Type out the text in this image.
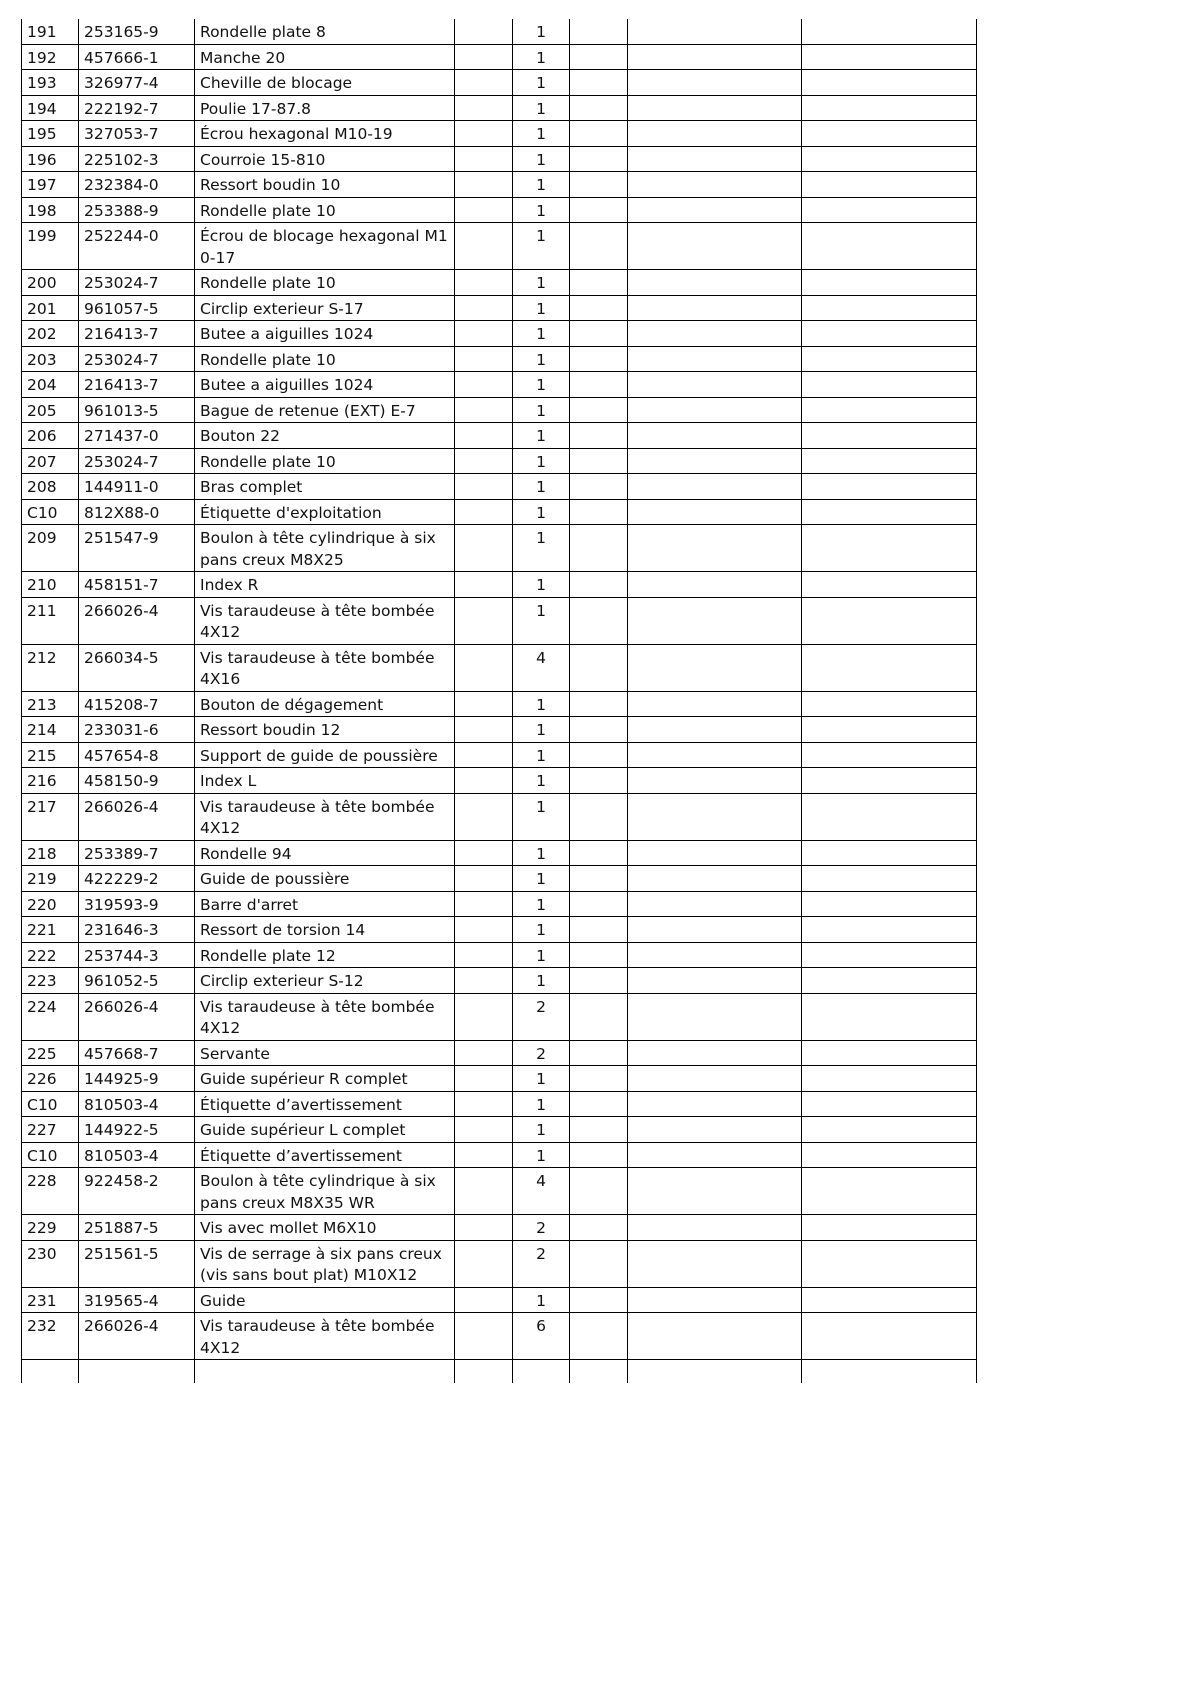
191	253165-9	Rondelle plate 8		1			
192	457666-1	Manche 20		1			
193	326977-4	Cheville de blocage		1			
194	222192-7	Poulie 17-87.8		1			
195	327053-7	Écrou hexagonal M10-19		1			
196	225102-3	Courroie 15-810		1			
197	232384-0	Ressort boudin 10		1			
198	253388-9	Rondelle plate 10		1			
199	252244-0	Écrou de blocage hexagonal M10-17		1			
200	253024-7	Rondelle plate 10		1			
201	961057-5	Circlip exterieur S-17		1			
202	216413-7	Butee a aiguilles 1024		1			
203	253024-7	Rondelle plate 10		1			
204	216413-7	Butee a aiguilles 1024		1			
205	961013-5	Bague de retenue (EXT) E-7		1			
206	271437-0	Bouton 22		1			
207	253024-7	Rondelle plate 10		1			
208	144911-0	Bras complet		1			
C10	812X88-0	Étiquette d'exploitation		1			
209	251547-9	Boulon à tête cylindrique à six pans creux M8X25		1			
210	458151-7	Index R		1			
211	266026-4	Vis taraudeuse à tête bombée 4X12		1			
212	266034-5	Vis taraudeuse à tête bombée 4X16		4			
213	415208-7	Bouton de dégagement		1			
214	233031-6	Ressort boudin 12		1			
215	457654-8	Support de guide de poussière		1			
216	458150-9	Index L		1			
217	266026-4	Vis taraudeuse à tête bombée 4X12		1			
218	253389-7	Rondelle 94		1			
219	422229-2	Guide de poussière		1			
220	319593-9	Barre d'arret		1			
221	231646-3	Ressort de torsion 14		1			
222	253744-3	Rondelle plate 12		1			
223	961052-5	Circlip exterieur S-12		1			
224	266026-4	Vis taraudeuse à tête bombée 4X12		2			
225	457668-7	Servante		2			
226	144925-9	Guide supérieur R complet		1			
C10	810503-4	Étiquette d’avertissement		1			
227	144922-5	Guide supérieur L complet		1			
C10	810503-4	Étiquette d’avertissement		1			
228	922458-2	Boulon à tête cylindrique à six pans creux M8X35 WR		4			
229	251887-5	Vis avec mollet M6X10		2			
230	251561-5	Vis de serrage à six pans creux (vis sans bout plat) M10X12		2			
231	319565-4	Guide		1			
232	266026-4	Vis taraudeuse à tête bombée 4X12		6			
